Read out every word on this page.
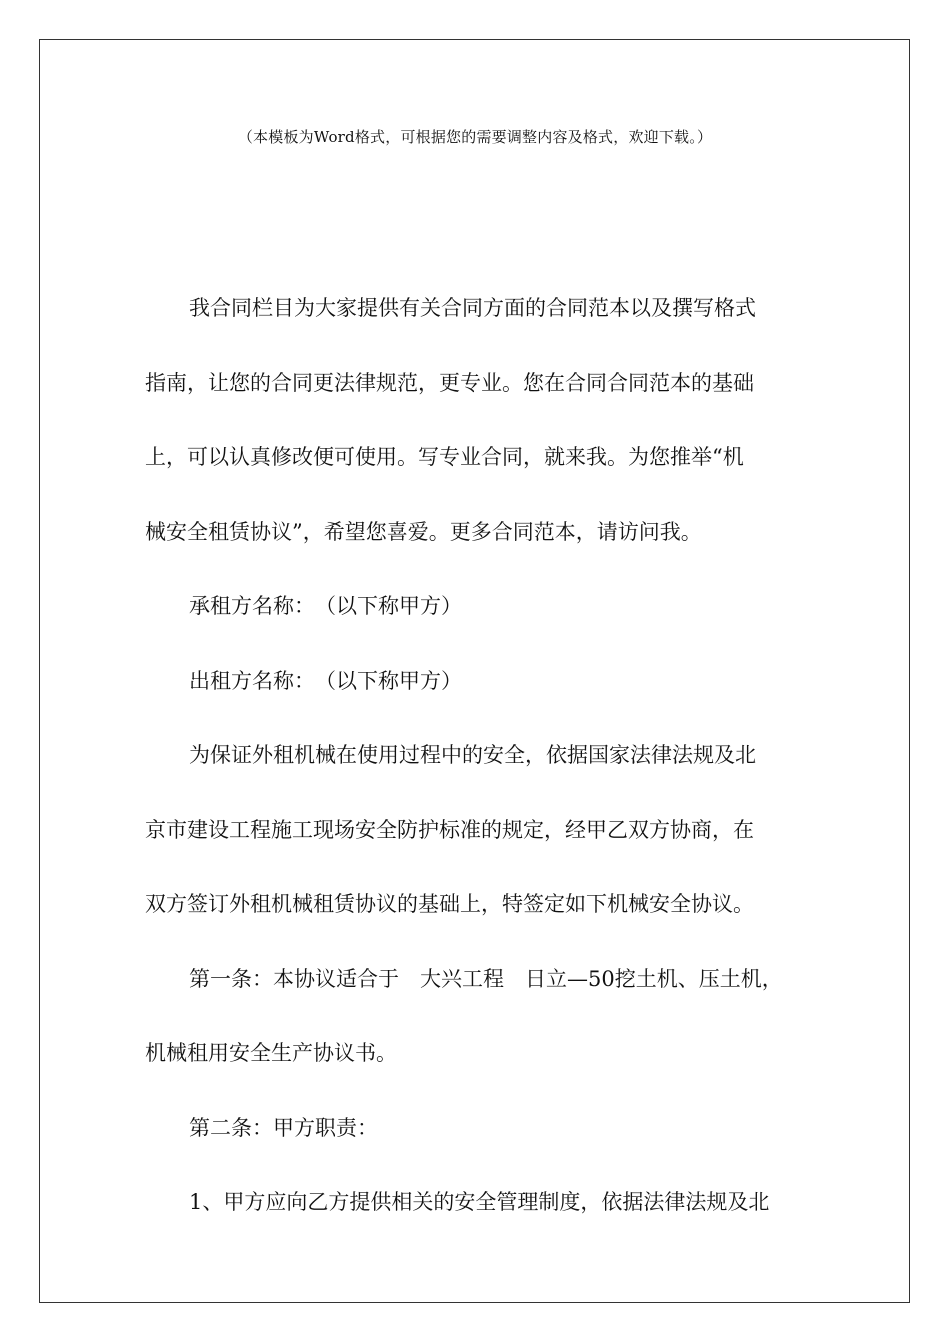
（本模板为Word格式，可根据您的需要调整内容及格式，欢迎下载。）

我合同栏目为大家提供有关合同方面的合同范本以及撰写格式

指南，让您的合同更法律规范，更专业。您在合同合同范本的基础

上，可以认真修改便可使用。写专业合同，就来我。为您推举“机

械安全租赁协议”，希望您喜爱。更多合同范本，请访问我。

承租方名称：　（以下称甲方）

出租方名称：　（以下称甲方）

为保证外租机械在使用过程中的安全，依据国家法律法规及北

京市建设工程施工现场安全防护标准的规定，经甲乙双方协商，在

双方签订外租机械租赁协议的基础上，特签定如下机械安全协议。

第一条：本协议适合于　大兴工程　日立—50挖土机、压土机，

机械租用安全生产协议书。

第二条：甲方职责：

1、甲方应向乙方提供相关的安全管理制度，依据法律法规及北
